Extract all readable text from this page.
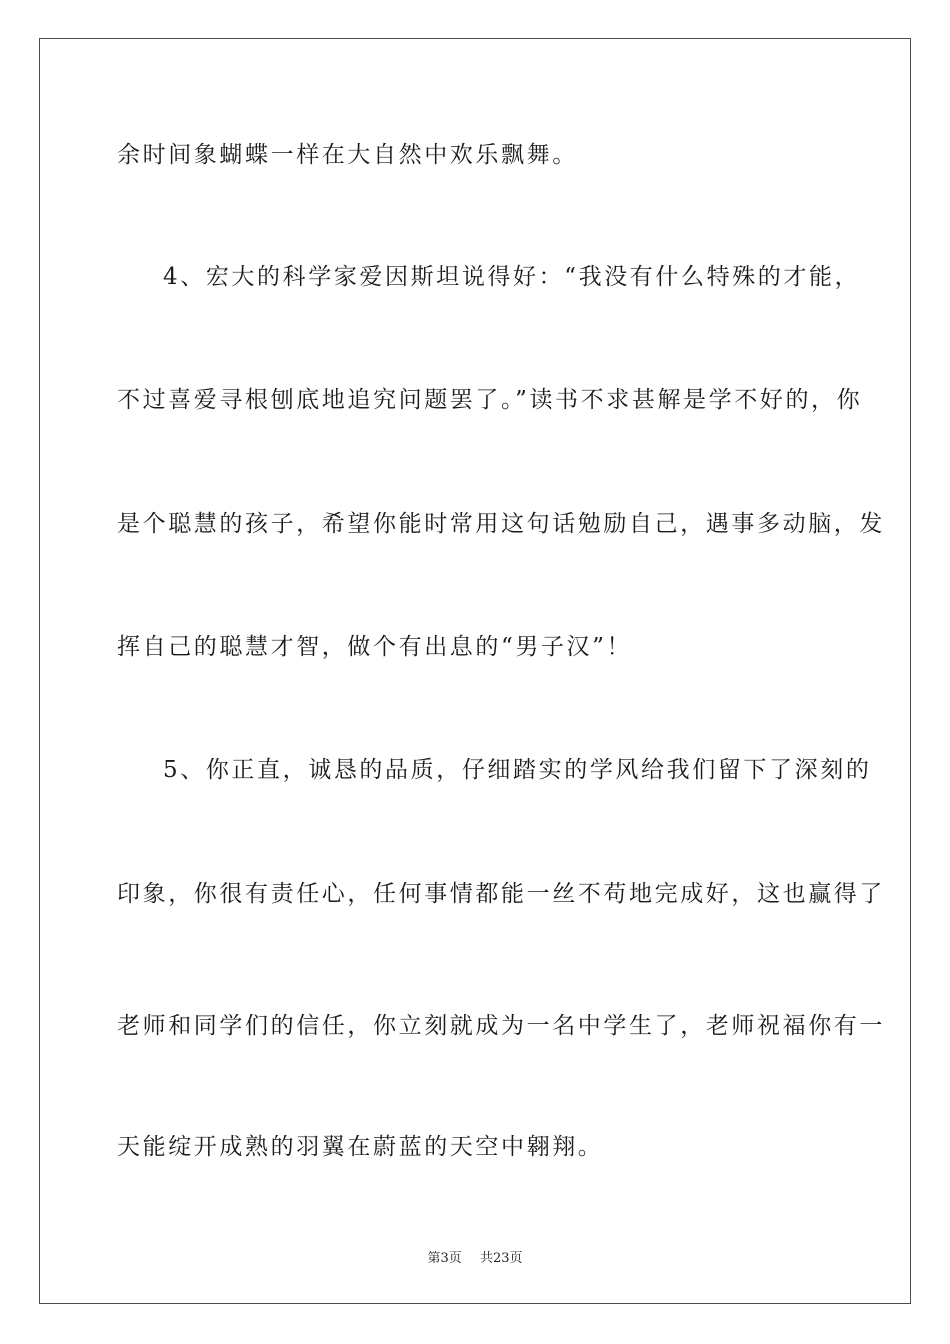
余时间象蝴蝶一样在大自然中欢乐飘舞。
4、宏大的科学家爱因斯坦说得好：“我没有什么特殊的才能，
不过喜爱寻根刨底地追究问题罢了。”读书不求甚解是学不好的，你
是个聪慧的孩子，希望你能时常用这句话勉励自己，遇事多动脑，发
挥自己的聪慧才智，做个有出息的“男子汉”！
5、你正直，诚恳的品质，仔细踏实的学风给我们留下了深刻的
印象，你很有责任心，任何事情都能一丝不苟地完成好，这也赢得了
老师和同学们的信任，你立刻就成为一名中学生了，老师祝福你有一
天能绽开成熟的羽翼在蔚蓝的天空中翱翔。
第3页 共23页
